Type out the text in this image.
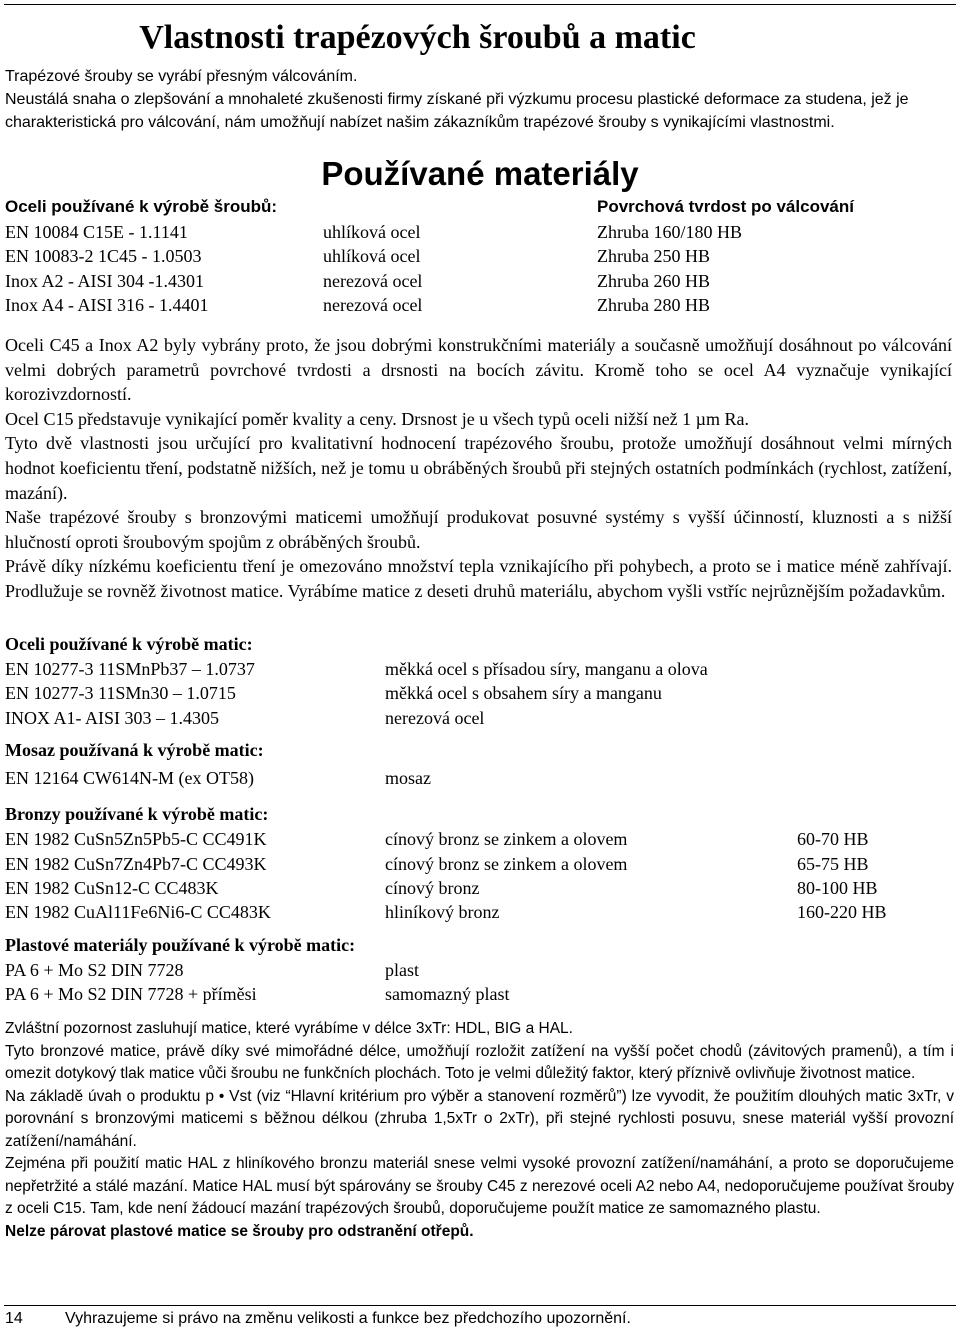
Vlastnosti trapézových šroubů a matic

Trapézové šrouby se vyrábí přesným válcováním.

Neustálá snaha o zlepšování a mnohaleté zkušenosti firmy získané při výzkumu procesu plastické deformace za studena, jež je charakteristická pro válcování, nám umožňují nabízet našim zákazníkům trapézové šrouby s vynikajícími vlastnostmi.

Používané materiály
Oceli používané k výrobě šroubů:	Povrchová tvrdost po válcování
EN 10084 C15E - 1.1141	uhlíková ocel	Zhruba 160/180 HB
EN 10083-2 1C45 - 1.0503	uhlíková ocel	Zhruba 250 HB
Inox A2 - AISI 304 -1.4301	nerezová ocel	Zhruba 260 HB
Inox A4 - AISI 316 - 1.4401	nerezová ocel	Zhruba 280 HB

Oceli C45 a Inox A2 byly vybrány proto, že jsou dobrými konstrukčními materiály a současně umožňují dosáhnout po válcování velmi dobrých parametrů povrchové tvrdosti a drsnosti na bocích závitu. Kromě toho se ocel A4 vyznačuje vynikající korozivzdorností.

Ocel C15 představuje vynikající poměr kvality a ceny. Drsnost je u všech typů oceli nižší než 1 µm Ra.

Tyto dvě vlastnosti jsou určující pro kvalitativní hodnocení trapézového šroubu, protože umožňují dosáhnout velmi mírných hodnot koeficientu tření, podstatně nižších, než je tomu u obráběných šroubů při stejných ostatních podmínkách (rychlost, zatížení, mazání).

Naše trapézové šrouby s bronzovými maticemi umožňují produkovat posuvné systémy s vyšší účinností, kluznosti a s nižší hlučností oproti šroubovým spojům z obráběných šroubů.

Právě díky nízkému koeficientu tření je omezováno množství tepla vznikajícího při pohybech, a proto se i matice méně zahřívají. Prodlužuje se rovněž životnost matice. Vyrábíme matice z deseti druhů materiálu, abychom vyšli vstříc nejrůznějším požadavkům.

Oceli používané k výrobě matic:
EN 10277-3 11SMnPb37 – 1.0737	měkká ocel s přísadou síry, manganu a olova
EN 10277-3 11SMn30 – 1.0715	měkká ocel s obsahem síry a manganu
INOX A1- AISI 303 – 1.4305	nerezová ocel
Mosaz používaná k výrobě matic:
EN 12164 CW614N-M (ex OT58)	mosaz
Bronzy používané k výrobě matic:
EN 1982 CuSn5Zn5Pb5-C CC491K	cínový bronz se zinkem a olovem	60-70 HB
EN 1982 CuSn7Zn4Pb7-C CC493K	cínový bronz se zinkem a olovem	65-75 HB
EN 1982 CuSn12-C CC483K	cínový bronz	80-100 HB
EN 1982 CuAl11Fe6Ni6-C CC483K	hliníkový bronz	160-220 HB
Plastové materiály používané k výrobě matic:
PA 6 + Mo S2 DIN 7728	plast
PA 6 + Mo S2 DIN 7728 + příměsi	samomazný plast

Zvláštní pozornost zasluhují matice, které vyrábíme v délce 3xTr: HDL, BIG a HAL.

Tyto bronzové matice, právě díky své mimořádné délce, umožňují rozložit zatížení na vyšší počet chodů (závitových pramenů), a tím i omezit dotykový tlak matice vůči šroubu ne funkčních plochách. Toto je velmi důležitý faktor, který příznivě ovlivňuje životnost matice.

Na základě úvah o produktu p • Vst (viz “Hlavní kritérium pro výběr a stanovení rozměrů”) lze vyvodit, že použitím dlouhých matic 3xTr, v porovnání s bronzovými maticemi s běžnou délkou (zhruba 1,5xTr o 2xTr), při stejné rychlosti posuvu, snese materiál vyšší provozní zatížení/namáhání.

Zejména při použití matic HAL z hliníkového bronzu materiál snese velmi vysoké provozní zatížení/namáhání, a proto se doporučujeme nepřetržité a stálé mazání. Matice HAL musí být spárovány se šrouby C45 z nerezové oceli A2 nebo A4, nedoporučujeme používat šrouby z oceli C15. Tam, kde není žádoucí mazání trapézových šroubů, doporučujeme použít matice ze samomazného plastu.

Nelze párovat plastové matice se šrouby pro odstranění otřepů.

14	Vyhrazujeme si právo na změnu velikosti a funkce bez předchozího upozornění.
